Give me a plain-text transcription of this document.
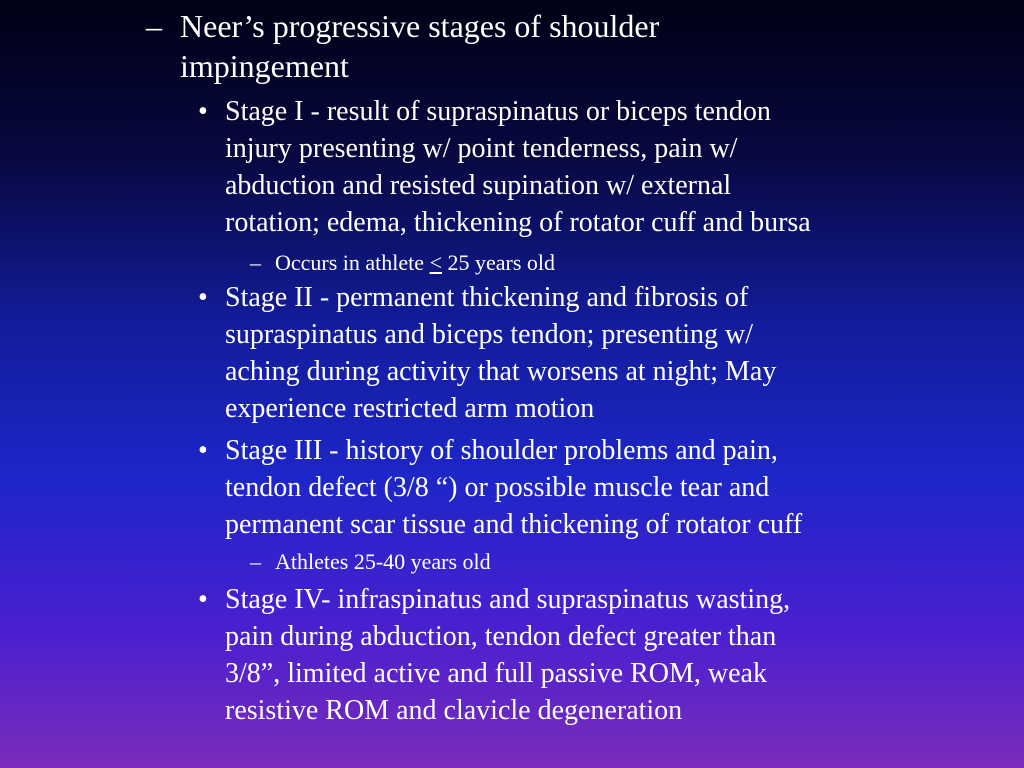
– Neer’s progressive stages of shoulder
impingement
• Stage I - result of supraspinatus or biceps tendon
injury presenting w/ point tenderness, pain w/
abduction and resisted supination w/ external
rotation; edema, thickening of rotator cuff and bursa
– Occurs in athlete < 25 years old
• Stage II - permanent thickening and fibrosis of
supraspinatus and biceps tendon; presenting w/
aching during activity that worsens at night; May
experience restricted arm motion
• Stage III - history of shoulder problems and pain,
tendon defect (3/8 “) or possible muscle tear and
permanent scar tissue and thickening of rotator cuff
– Athletes 25-40 years old
• Stage IV- infraspinatus and supraspinatus wasting,
pain during abduction, tendon defect greater than
3/8”, limited active and full passive ROM, weak
resistive ROM and clavicle degeneration
